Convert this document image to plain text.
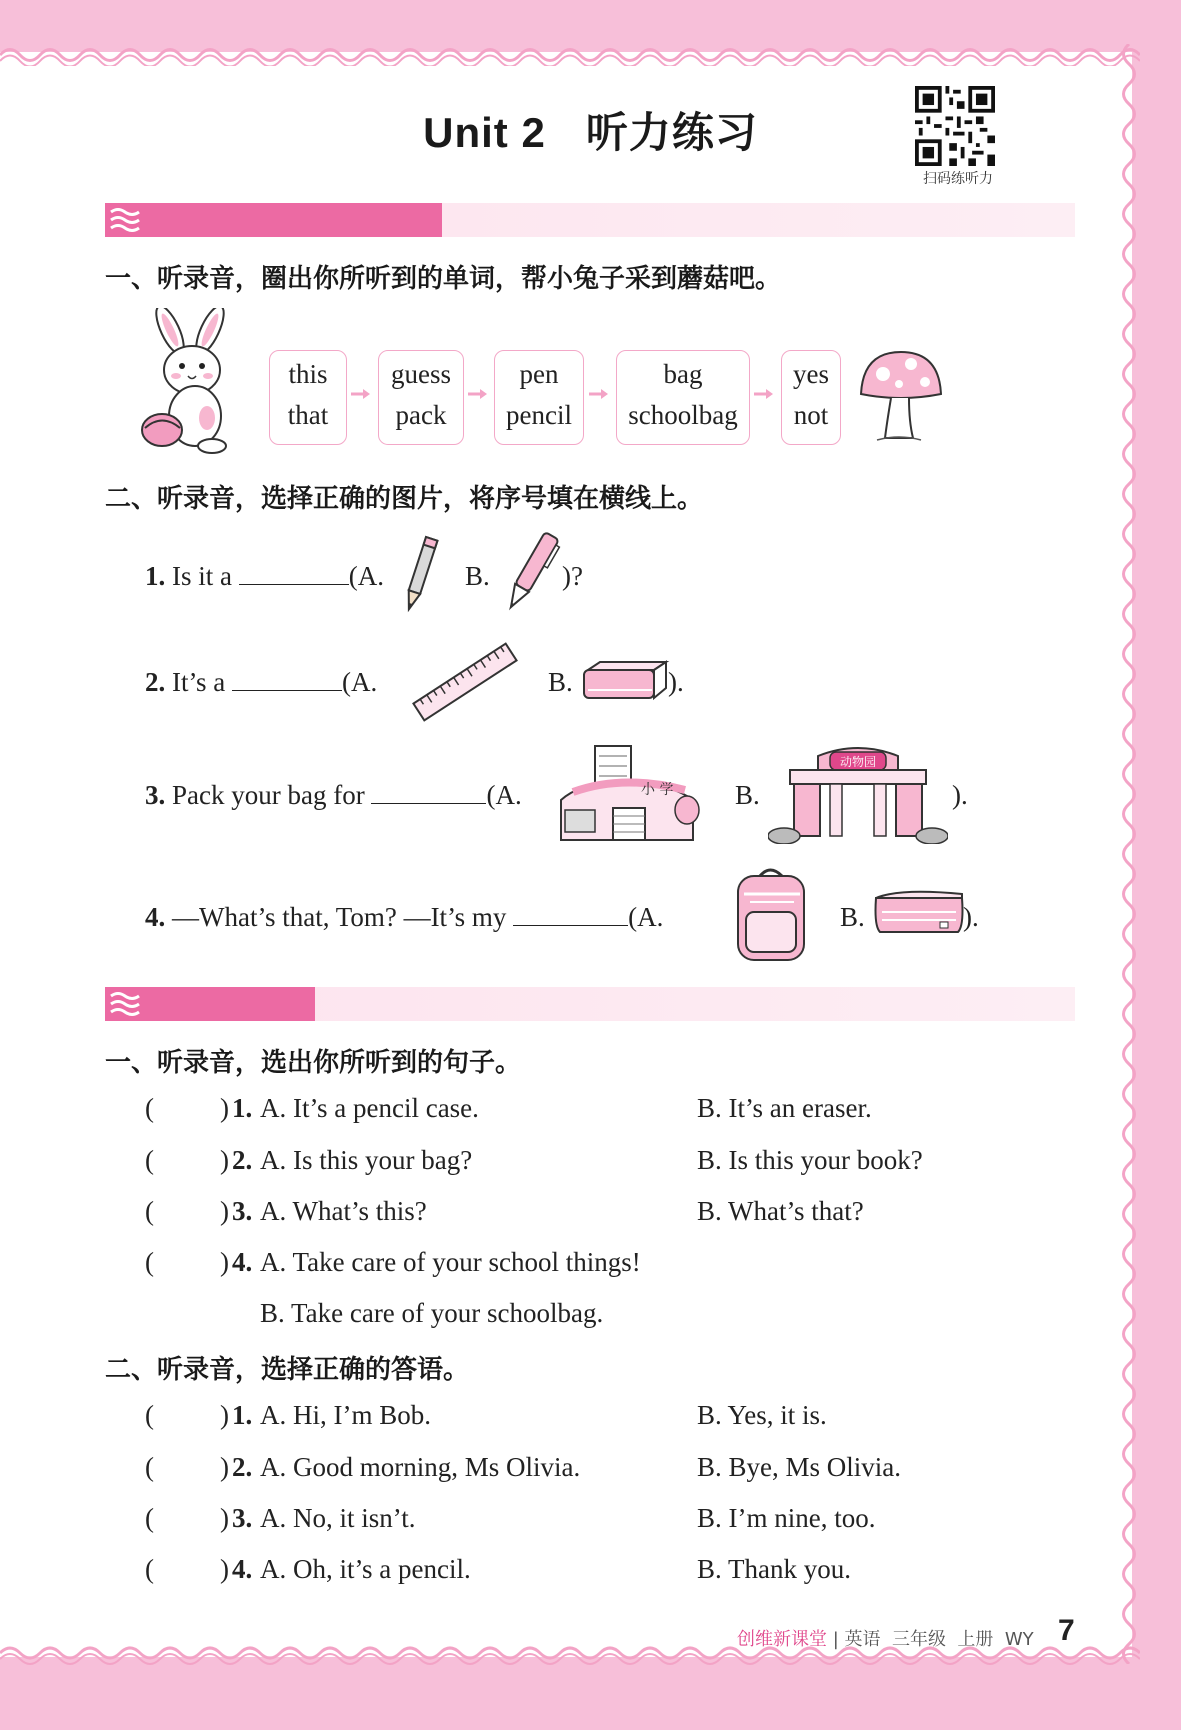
Unit 2 听力练习
扫码练听力

Get ready Start up

一、听录音，圈出你所听到的单词，帮小兔子采到蘑菇吧。
this
that
guess
pack
pen
pencil
bag
schoolbag
yes
not
二、听录音，选择正确的图片，将序号填在横线上。
1. Is it a	(A.	B.	)?
2. It’s a	(A.	B.	).
3. Pack your bag for	(A.	小 学 B.
动物园
).
4. —What’s that, Tom? —It’s my	(A.	B.	).

Speed up

一、听录音，选出你所听到的句子。
( ) 1. A. It’s a pencil case.	B. It’s an eraser.
( ) 2. A. Is this your bag?	B. Is this your book?
( ) 3. A. What’s this?	B. What’s that?
( ) 4. A. Take care of your school things!
B. Take care of your schoolbag.
二、听录音，选择正确的答语。
( ) 1. A. Hi, I’m Bob.	B. Yes, it is.
( ) 2. A. Good morning, Ms Olivia.	B. Bye, Ms Olivia.
( ) 3. A. No, it isn’t.	B. I’m nine, too.
( ) 4. A. Oh, it’s a pencil.	B. Thank you.
创维新课堂 | 英语  三年级  上册  WY 7
